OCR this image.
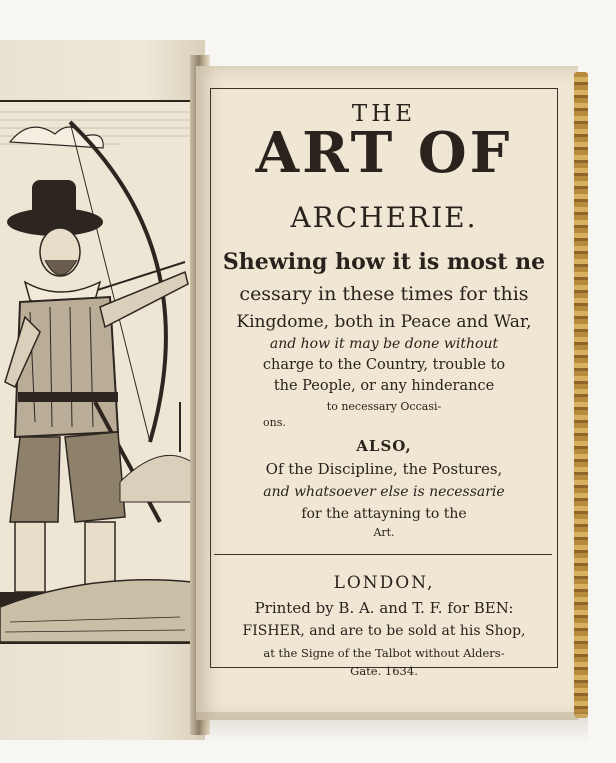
THE
ART OF
ARCHERIE.
Shewing how it is most ne
cessary in these times for this
Kingdome, both in Peace and War,
and how it may be done without
charge to the Country, trouble to
the People, or any hinderance
to necessary Occasi-
ons.
ALSO,
Of the Discipline, the Postures,
and whatsoever else is necessarie
for the attayning to the
Art.
LONDON,
Printed by B. A. and T. F. for BEN:
FISHER, and are to be sold at his Shop,
at the Signe of the Talbot without Alders-
Gate. 1634.
